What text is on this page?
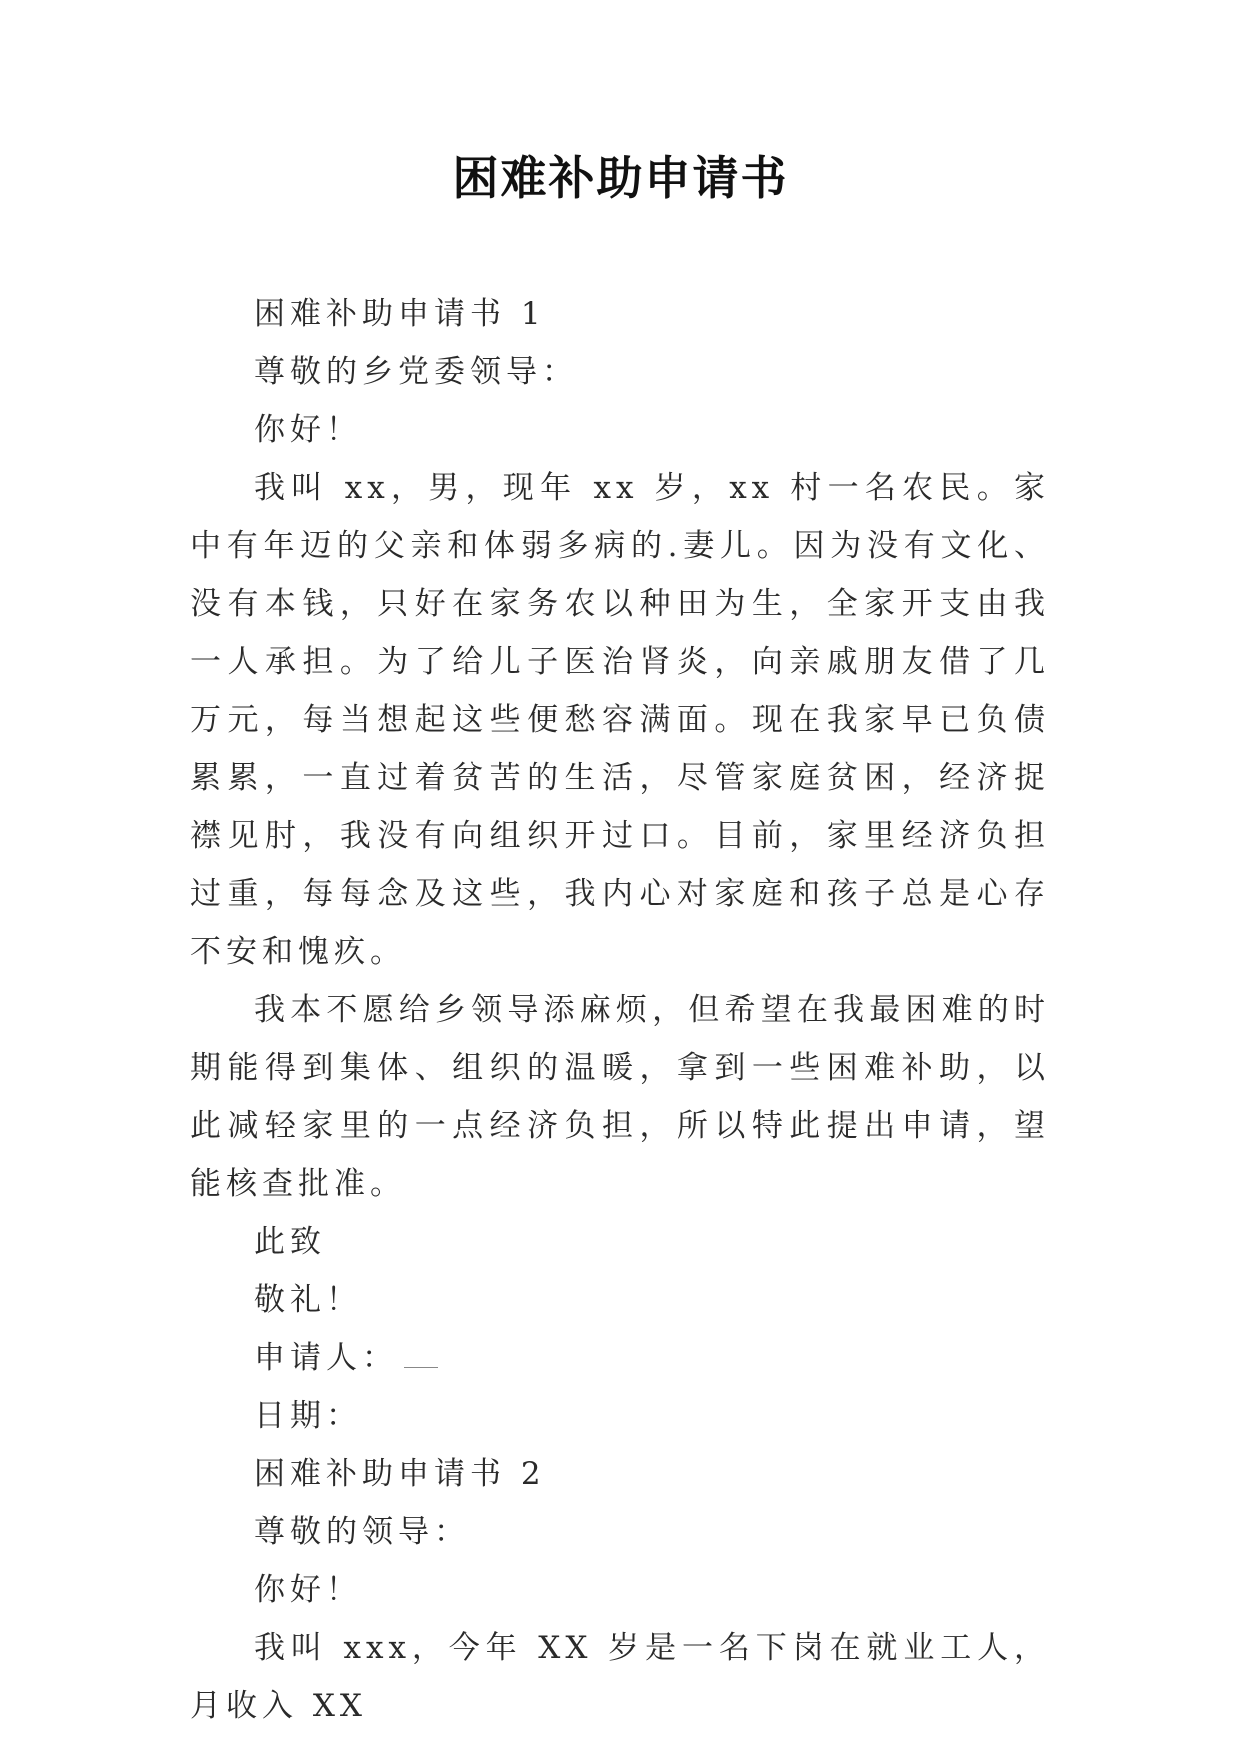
困难补助申请书

困难补助申请书 1

尊敬的乡党委领导：

你好！

我叫 xx，男，现年 xx 岁，xx 村一名农民。家中有年迈的父亲和体弱多病的.妻儿。因为没有文化、没有本钱，只好在家务农以种田为生，全家开支由我一人承担。为了给儿子医治肾炎，向亲戚朋友借了几万元，每当想起这些便愁容满面。现在我家早已负债累累，一直过着贫苦的生活，尽管家庭贫困，经济捉襟见肘，我没有向组织开过口。目前，家里经济负担过重，每每念及这些，我内心对家庭和孩子总是心存不安和愧疚。

我本不愿给乡领导添麻烦，但希望在我最困难的时期能得到集体、组织的温暖，拿到一些困难补助，以此减轻家里的一点经济负担，所以特此提出申请，望能核查批准。

此致

敬礼！

申请人：

日期：

困难补助申请书 2

尊敬的领导：

你好！

我叫 xxx，今年 XX 岁是一名下岗在就业工人，月收入 XX
